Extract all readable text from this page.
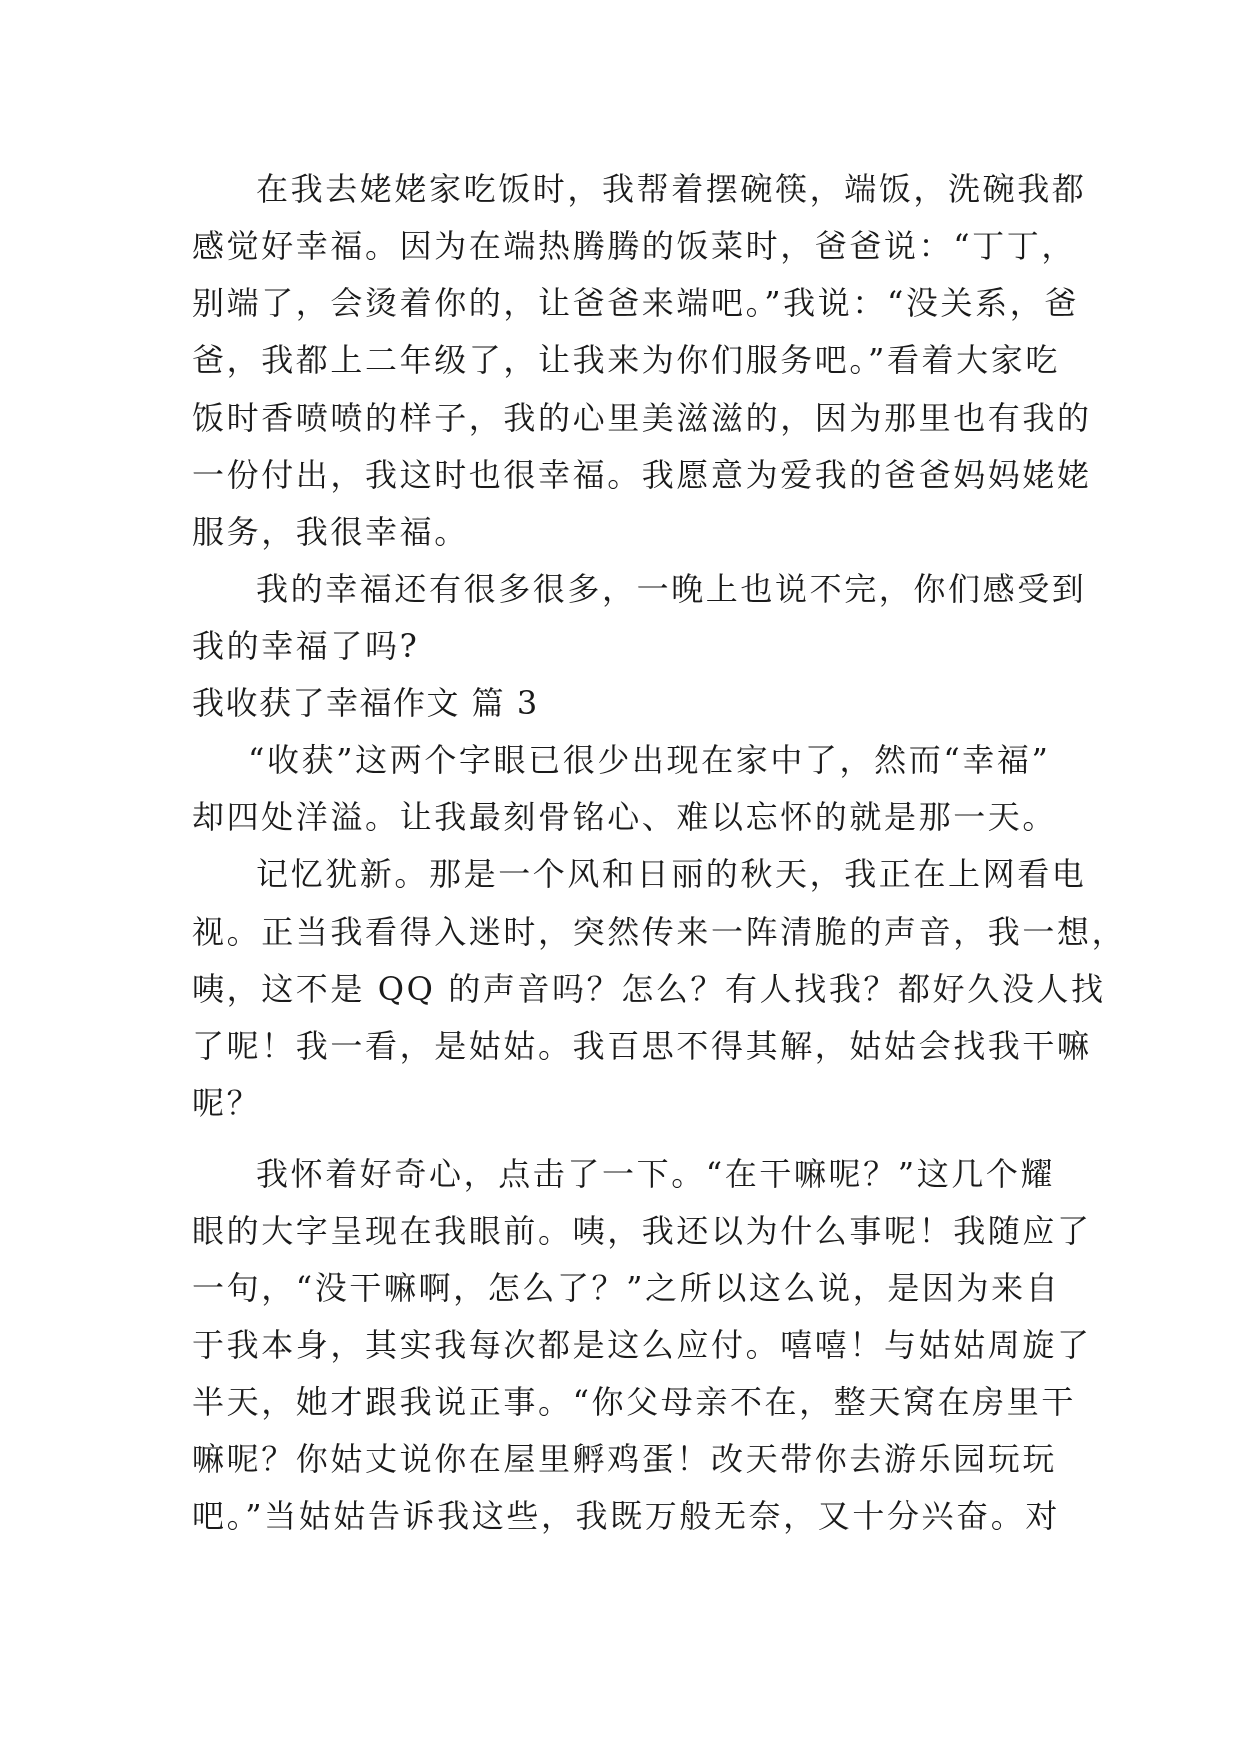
在我去姥姥家吃饭时，我帮着摆碗筷，端饭，洗碗我都
感觉好幸福。因为在端热腾腾的饭菜时，爸爸说：“丁丁，
别端了，会烫着你的，让爸爸来端吧。”我说：“没关系，爸
爸，我都上二年级了，让我来为你们服务吧。”看着大家吃
饭时香喷喷的样子，我的心里美滋滋的，因为那里也有我的
一份付出，我这时也很幸福。我愿意为爱我的爸爸妈妈姥姥
服务，我很幸福。
我的幸福还有很多很多，一晚上也说不完，你们感受到
我的幸福了吗?
我收获了幸福作文 篇 3
“收获”这两个字眼已很少出现在家中了，然而“幸福”
却四处洋溢。让我最刻骨铭心、难以忘怀的就是那一天。
记忆犹新。那是一个风和日丽的秋天，我正在上网看电
视。正当我看得入迷时，突然传来一阵清脆的声音，我一想，
咦，这不是 QQ 的声音吗？怎么？有人找我？都好久没人找
了呢！我一看，是姑姑。我百思不得其解，姑姑会找我干嘛
呢？
我怀着好奇心，点击了一下。“在干嘛呢？”这几个耀
眼的大字呈现在我眼前。咦，我还以为什么事呢！我随应了
一句，“没干嘛啊，怎么了？”之所以这么说，是因为来自
于我本身，其实我每次都是这么应付。嘻嘻！与姑姑周旋了
半天，她才跟我说正事。“你父母亲不在，整天窝在房里干
嘛呢？你姑丈说你在屋里孵鸡蛋！改天带你去游乐园玩玩
吧。”当姑姑告诉我这些，我既万般无奈，又十分兴奋。对
